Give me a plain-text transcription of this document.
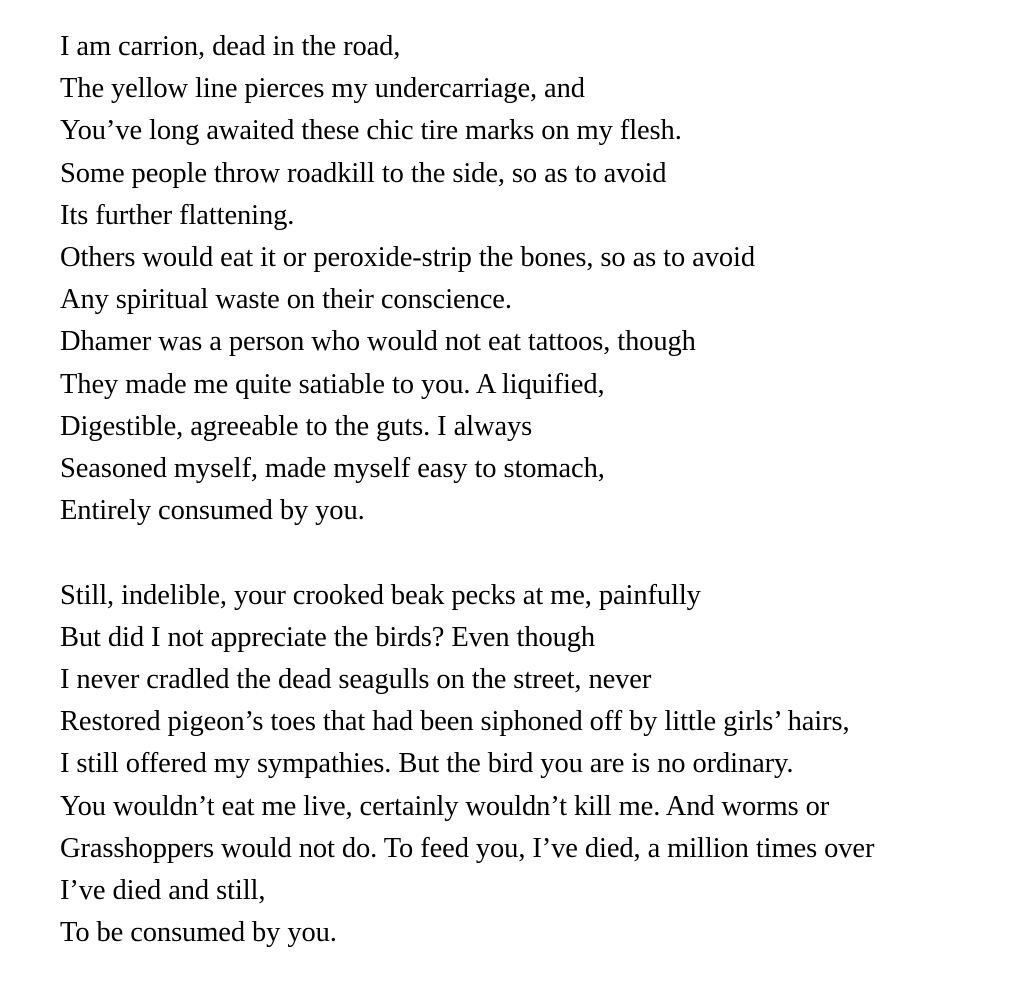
I am carrion, dead in the road,
The yellow line pierces my undercarriage, and
You’ve long awaited these chic tire marks on my flesh.
Some people throw roadkill to the side, so as to avoid
Its further flattening.
Others would eat it or peroxide-strip the bones, so as to avoid
Any spiritual waste on their conscience.
Dhamer was a person who would not eat tattoos, though
They made me quite satiable to you. A liquified,
Digestible, agreeable to the guts. I always
Seasoned myself, made myself easy to stomach,
Entirely consumed by you.
Still, indelible, your crooked beak pecks at me, painfully
But did I not appreciate the birds? Even though
I never cradled the dead seagulls on the street, never
Restored pigeon’s toes that had been siphoned off by little girls’ hairs,
I still offered my sympathies. But the bird you are is no ordinary.
You wouldn’t eat me live, certainly wouldn’t kill me. And worms or
Grasshoppers would not do. To feed you, I’ve died, a million times over
I’ve died and still,
To be consumed by you.
